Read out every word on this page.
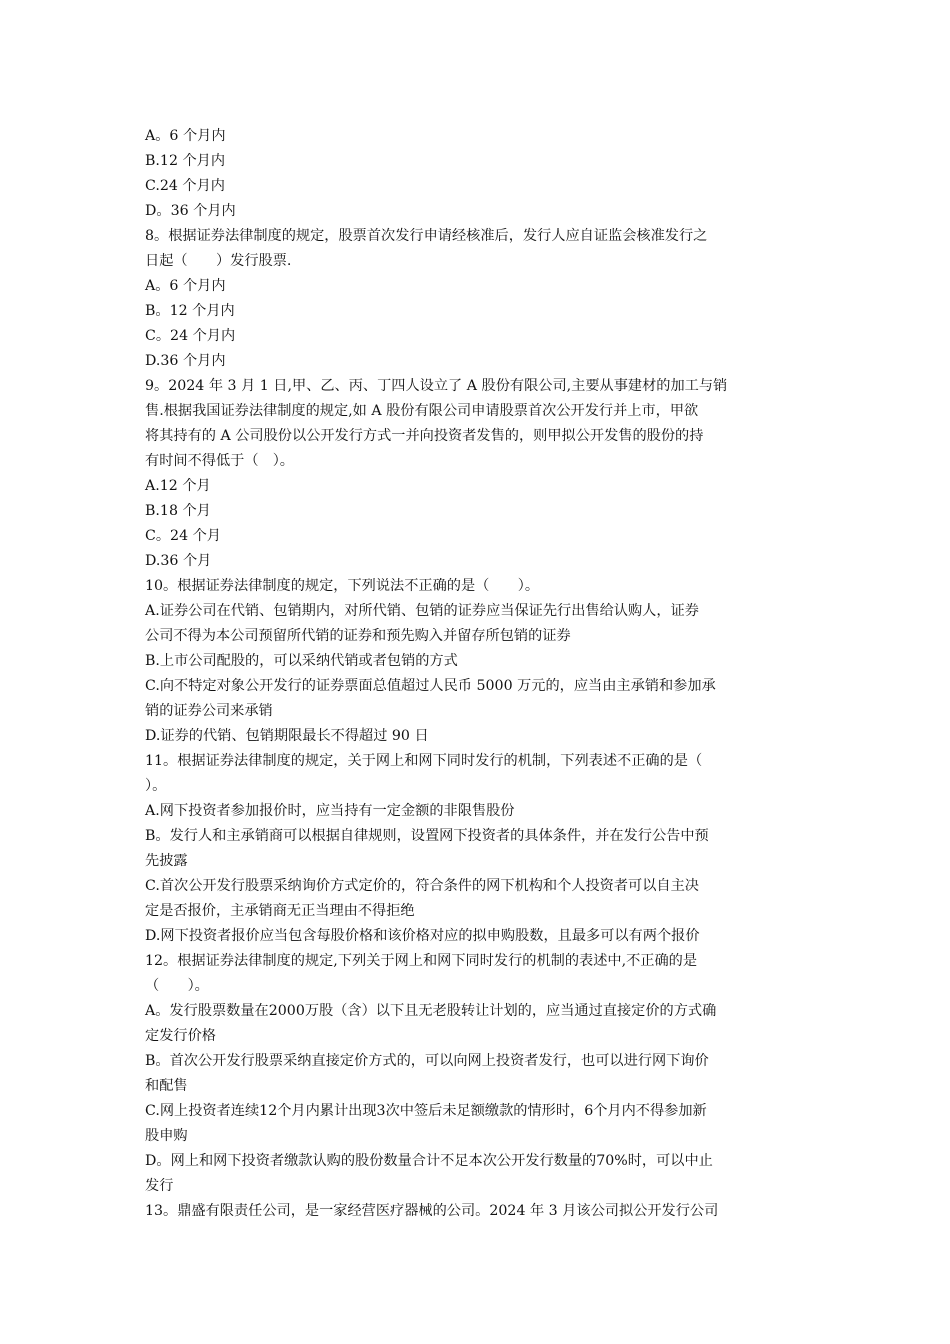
A。6 个月内
B.12 个月内
C.24 个月内
D。36 个月内
8。根据证券法律制度的规定，股票首次发行申请经核准后，发行人应自证监会核准发行之
日起（　　）发行股票.
A。6 个月内
B。12 个月内
C。24 个月内
D.36 个月内
9。2024 年 3 月 1 日,甲、乙、丙、丁四人设立了 A 股份有限公司,主要从事建材的加工与销
售.根据我国证券法律制度的规定,如 A 股份有限公司申请股票首次公开发行并上市，甲欲
将其持有的 A 公司股份以公开发行方式一并向投资者发售的，则甲拟公开发售的股份的持
有时间不得低于（　）。
A.12 个月
B.18 个月
C。24 个月
D.36 个月
10。根据证券法律制度的规定，下列说法不正确的是（　　）。
A.证券公司在代销、包销期内，对所代销、包销的证券应当保证先行出售给认购人，证券
公司不得为本公司预留所代销的证券和预先购入并留存所包销的证券
B.上市公司配股的，可以采纳代销或者包销的方式
C.向不特定对象公开发行的证券票面总值超过人民币 5000 万元的，应当由主承销和参加承
销的证券公司来承销
D.证券的代销、包销期限最长不得超过 90 日
11。根据证券法律制度的规定，关于网上和网下同时发行的机制，下列表述不正确的是（
）。
A.网下投资者参加报价时，应当持有一定金额的非限售股份
B。发行人和主承销商可以根据自律规则，设置网下投资者的具体条件，并在发行公告中预
先披露
C.首次公开发行股票采纳询价方式定价的，符合条件的网下机构和个人投资者可以自主决
定是否报价，主承销商无正当理由不得拒绝
D.网下投资者报价应当包含每股价格和该价格对应的拟申购股数，且最多可以有两个报价
12。根据证券法律制度的规定,下列关于网上和网下同时发行的机制的表述中,不正确的是
（　　）。
A。发行股票数量在2000万股（含）以下且无老股转让计划的，应当通过直接定价的方式确
定发行价格
B。首次公开发行股票采纳直接定价方式的，可以向网上投资者发行，也可以进行网下询价
和配售
C.网上投资者连续12个月内累计出现3次中签后未足额缴款的情形时，6个月内不得参加新
股申购
D。网上和网下投资者缴款认购的股份数量合计不足本次公开发行数量的70%时，可以中止
发行
13。鼎盛有限责任公司，是一家经营医疗器械的公司。2024 年 3 月该公司拟公开发行公司
